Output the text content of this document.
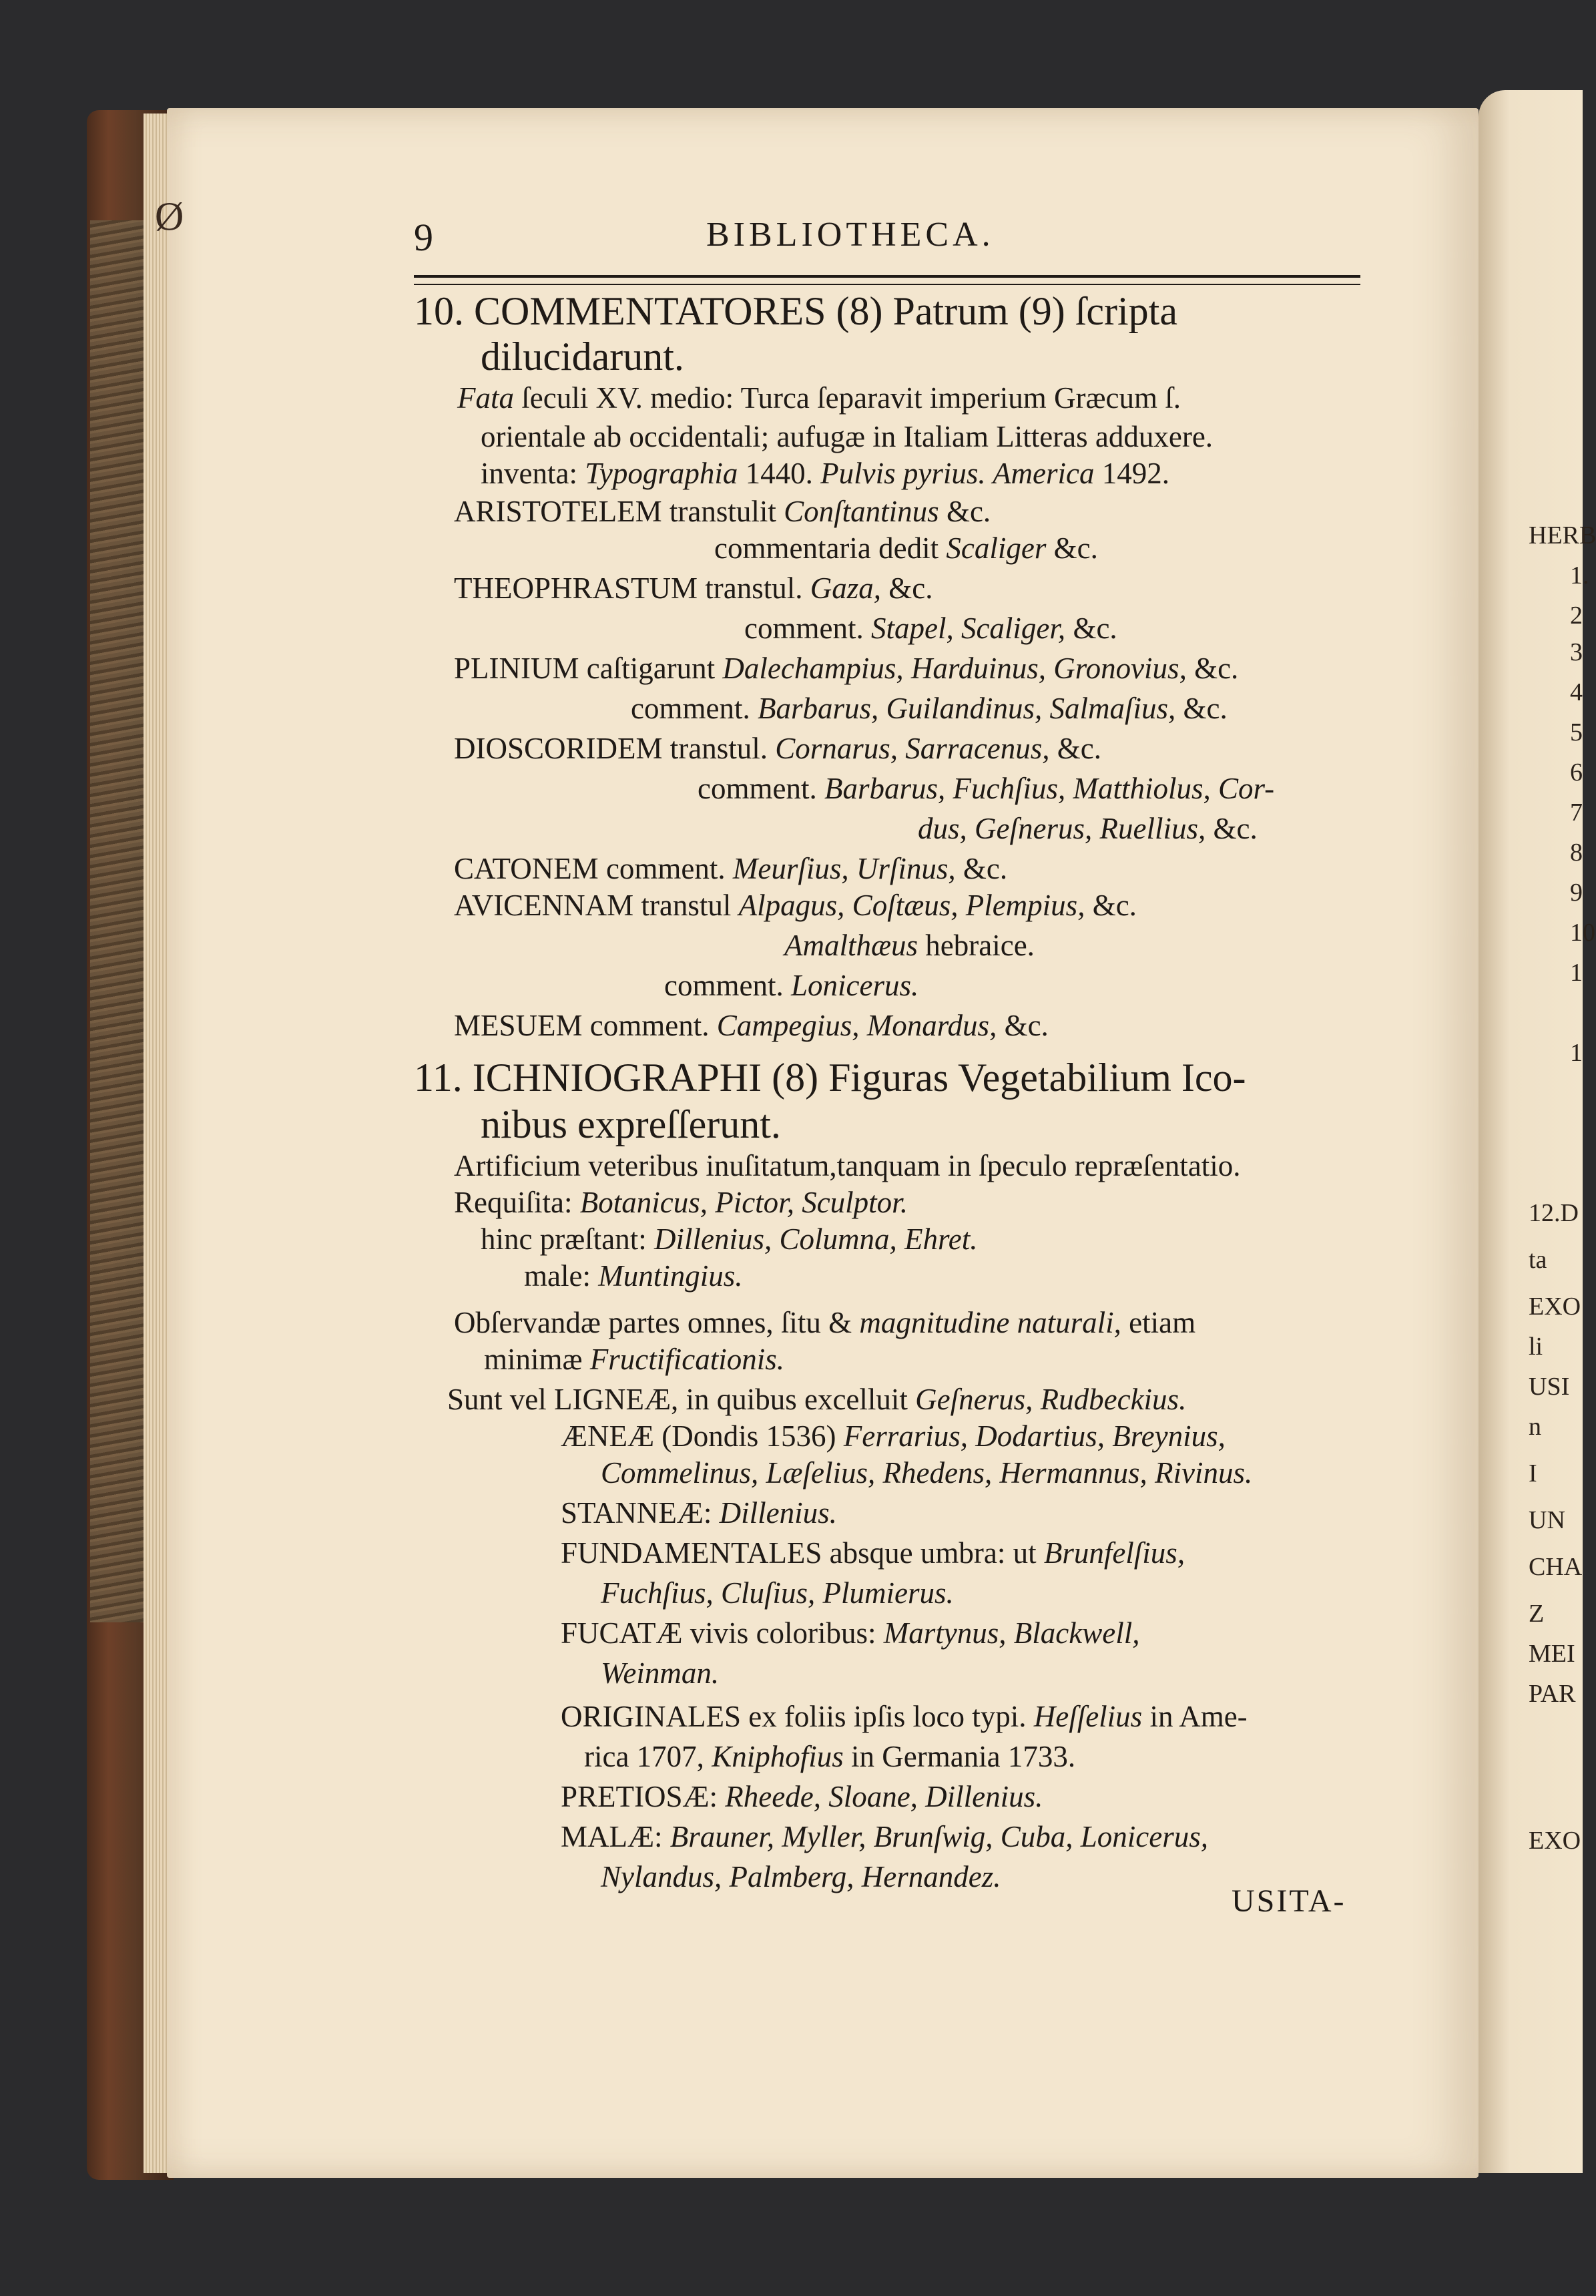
Ø	9	BIBLIOTHECA.
10. COMMENTATORES (8) Patrum (9) ſcripta
dilucidarunt.
Fata ſeculi XV. medio: Turca ſeparavit imperium Græcum ſ.
orientale ab occidentali; aufugæ in Italiam Litteras adduxere.
inventa: Typographia 1440. Pulvis pyrius. America 1492.
ARISTOTELEM transtulit Conſtantinus &c.
commentaria dedit Scaliger &c.
THEOPHRASTUM transtul. Gaza, &c.
comment. Stapel, Scaliger, &c.
PLINIUM caſtigarunt Dalechampius, Harduinus, Gronovius, &c.
comment. Barbarus, Guilandinus, Salmaſius, &c.
DIOSCORIDEM transtul. Cornarus, Sarracenus, &c.
comment. Barbarus, Fuchſius, Matthiolus, Cor-
dus, Geſnerus, Ruellius, &c.
CATONEM comment. Meurſius, Urſinus, &c.
AVICENNAM transtul Alpagus, Coſtæus, Plempius, &c.
Amalthæus hebraice.
comment. Lonicerus.
MESUEM comment. Campegius, Monardus, &c.
11. ICHNIOGRAPHI (8) Figuras Vegetabilium Ico-
nibus expreſſerunt.
Artificium veteribus inuſitatum,tanquam in ſpeculo repræſentatio.
Requiſita: Botanicus, Pictor, Sculptor.
hinc præſtant: Dillenius, Columna, Ehret.
male: Muntingius.
Obſervandæ partes omnes, ſitu & magnitudine naturali, etiam
minimæ Fructificationis.
Sunt vel LIGNEÆ, in quibus excelluit Geſnerus, Rudbeckius.
ÆNEÆ (Dondis 1536) Ferrarius, Dodartius, Breynius,
Commelinus, Læſelius, Rhedens, Hermannus, Rivinus.
STANNEÆ: Dillenius.
FUNDAMENTALES absque umbra: ut Brunfelſius,
Fuchſius, Cluſius, Plumierus.
FUCATÆ vivis coloribus: Martynus, Blackwell,
Weinman.
ORIGINALES ex foliis ipſis loco typi. Heſſelius in Ame-
rica 1707, Kniphofius in Germania 1733.
PRETIOSÆ: Rheede, Sloane, Dillenius.
MALÆ: Brauner, Myller, Brunſwig, Cuba, Lonicerus,
Nylandus, Palmberg, Hernandez.
USITA-
HERB
1.
2
3
4
5
6
7
8
9
10
1
1
12.D
ta
EXO
li
USI
n
I
UN
CHA
Z
MEI
PAR
EXO
